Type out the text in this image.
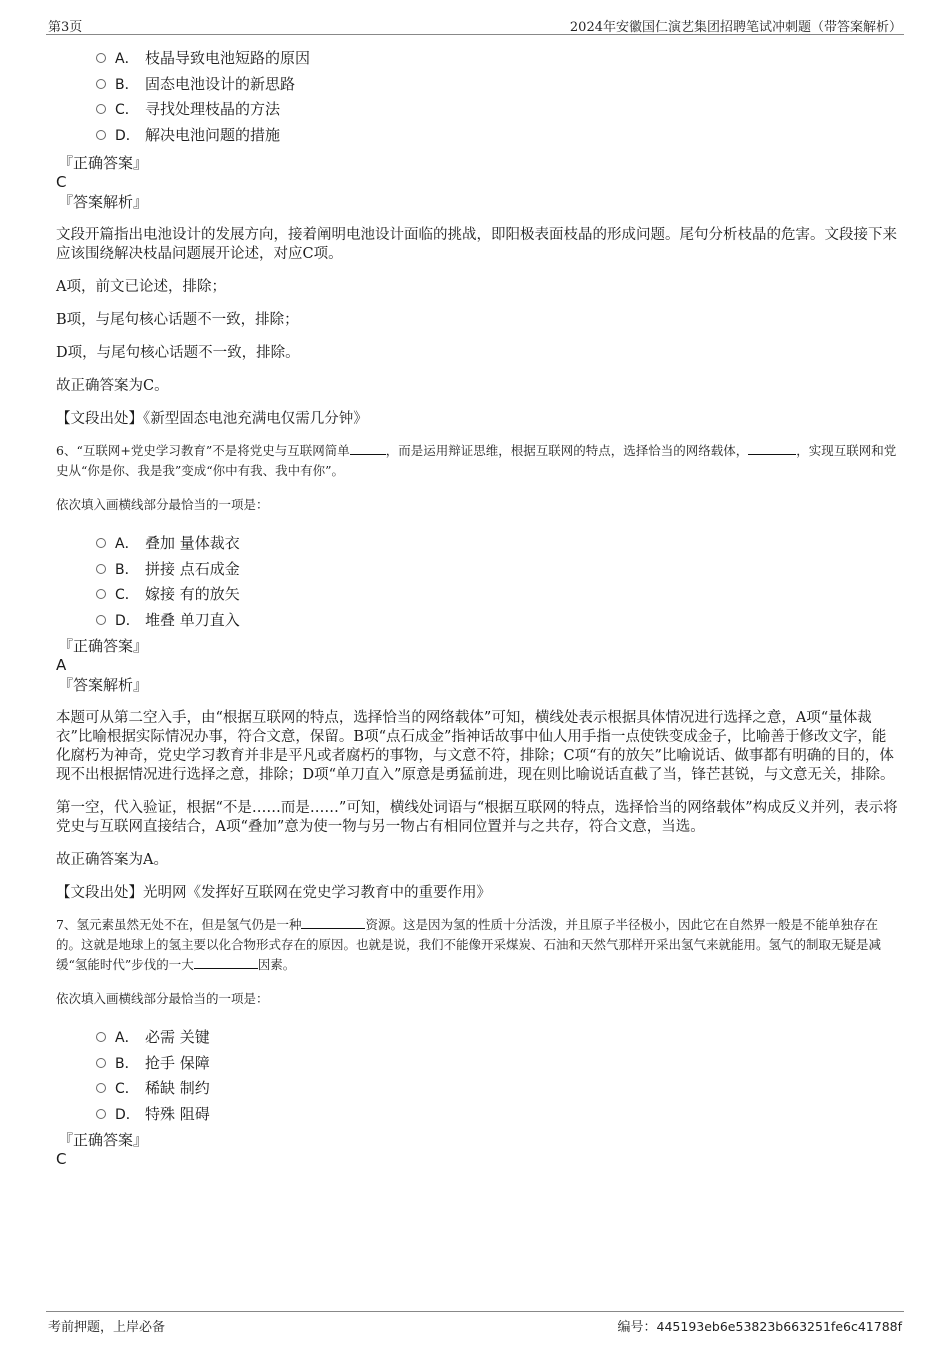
第3页	2024年安徽国仁演艺集团招聘笔试冲刺题（带答案解析）
A． 枝晶导致电池短路的原因
B． 固态电池设计的新思路
C． 寻找处理枝晶的方法
D． 解决电池问题的措施
『正确答案』
C
『答案解析』

文段开篇指出电池设计的发展方向，接着阐明电池设计面临的挑战，即阳极表面枝晶的形成问题。尾句分析枝晶的危害。文段接下来应该围绕解决枝晶问题展开论述，对应C项。

A项，前文已论述，排除；

B项，与尾句核心话题不一致，排除；

D项，与尾句核心话题不一致，排除。

故正确答案为C。

【文段出处】《新型固态电池充满电仅需几分钟》

6、“互联网+党史学习教育”不是将党史与互联网简单	，而是运用辩证思维，根据互联网的特点，选择恰当的网络载体，	，实现互联网和党史从“你是你、我是我”变成“你中有我、我中有你”。

依次填入画横线部分最恰当的一项是：

A． 叠加 量体裁衣
B． 拼接 点石成金
C． 嫁接 有的放矢
D． 堆叠 单刀直入
『正确答案』
A
『答案解析』

本题可从第二空入手，由“根据互联网的特点，选择恰当的网络载体”可知，横线处表示根据具体情况进行选择之意，A项“量体裁衣”比喻根据实际情况办事，符合文意，保留。B项“点石成金”指神话故事中仙人用手指一点使铁变成金子，比喻善于修改文字，能化腐朽为神奇，党史学习教育并非是平凡或者腐朽的事物，与文意不符，排除；C项“有的放矢”比喻说话、做事都有明确的目的，体现不出根据情况进行选择之意，排除；D项“单刀直入”原意是勇猛前进，现在则比喻说话直截了当，锋芒甚锐，与文意无关，排除。

第一空，代入验证，根据“不是……而是……”可知，横线处词语与“根据互联网的特点，选择恰当的网络载体”构成反义并列，表示将党史与互联网直接结合，A项“叠加”意为使一物与另一物占有相同位置并与之共存，符合文意，当选。

故正确答案为A。

【文段出处】光明网《发挥好互联网在党史学习教育中的重要作用》

7、氢元素虽然无处不在，但是氢气仍是一种	资源。这是因为氢的性质十分活泼，并且原子半径极小，因此它在自然界一般是不能单独存在的。这就是地球上的氢主要以化合物形式存在的原因。也就是说，我们不能像开采煤炭、石油和天然气那样开采出氢气来就能用。氢气的制取无疑是减缓“氢能时代”步伐的一大	因素。

依次填入画横线部分最恰当的一项是：

A． 必需 关键
B． 抢手 保障
C． 稀缺 制约
D． 特殊 阻碍
『正确答案』
C
考前押题，上岸必备	编号：445193eb6e53823b663251fe6c41788f
